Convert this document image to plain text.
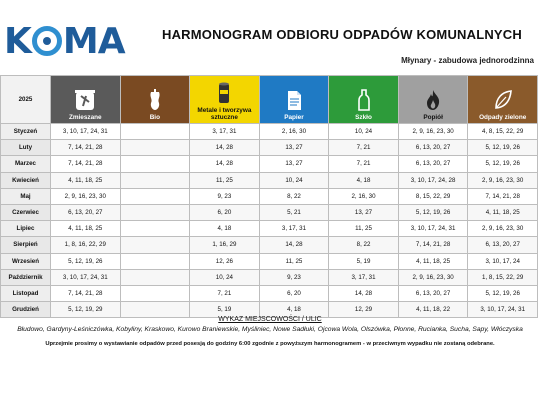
K MA	HARMONOGRAM ODBIORU ODPADÓW KOMUNALNYCH
Młynary - zabudowa jednorodzinna
2025	Zmieszane	Bio	Metale i tworzywa sztuczne	Papier	Szkło	Popiół	Odpady zielone

Styczeń	3, 10, 17, 24, 31		3, 17, 31	2, 16, 30	10, 24	2, 9, 16, 23, 30	4, 8, 15, 22, 29
Luty	7, 14, 21, 28		14, 28	13, 27	7, 21	6, 13, 20, 27	5, 12, 19, 26
Marzec	7, 14, 21, 28		14, 28	13, 27	7, 21	6, 13, 20, 27	5, 12, 19, 26
Kwiecień	4, 11, 18, 25		11, 25	10, 24	4, 18	3, 10, 17, 24, 28	2, 9, 16, 23, 30
Maj	2, 9, 16, 23, 30		9, 23	8, 22	2, 16, 30	8, 15, 22, 29	7, 14, 21, 28
Czerwiec	6, 13, 20, 27		6, 20	5, 21	13, 27	5, 12, 19, 26	4, 11, 18, 25
Lipiec	4, 11, 18, 25		4, 18	3, 17, 31	11, 25	3, 10, 17, 24, 31	2, 9, 16, 23, 30
Sierpień	1, 8, 16, 22, 29		1, 16, 29	14, 28	8, 22	7, 14, 21, 28	6, 13, 20, 27
Wrzesień	5, 12, 19, 26		12, 26	11, 25	5, 19	4, 11, 18, 25	3, 10, 17, 24
Październik	3, 10, 17, 24, 31		10, 24	9, 23	3, 17, 31	2, 9, 16, 23, 30	1, 8, 15, 22, 29
Listopad	7, 14, 21, 28		7, 21	6, 20	14, 28	6, 13, 20, 27	5, 12, 19, 26
Grudzień	5, 12, 19, 29		5, 19	4, 18	12, 29	4, 11, 18, 22	3, 10, 17, 24, 31
WYKAZ MIEJSCOWOŚCI / ULIC
Błudowo, Gardyny-Leśniczówka, Kobyliny, Kraskowo, Kurowo Braniewskie, Myśliniec, Nowe Sadłuki, Ojcowa Wola, Olszówka, Płonne, Rucianka, Sucha, Sapy, Włóczyska
Uprzejmie prosimy o wystawianie odpadów przed posesją do godziny 6:00 zgodnie z powyższym harmonogramem - w przeciwnym wypadku nie zostaną odebrane.
